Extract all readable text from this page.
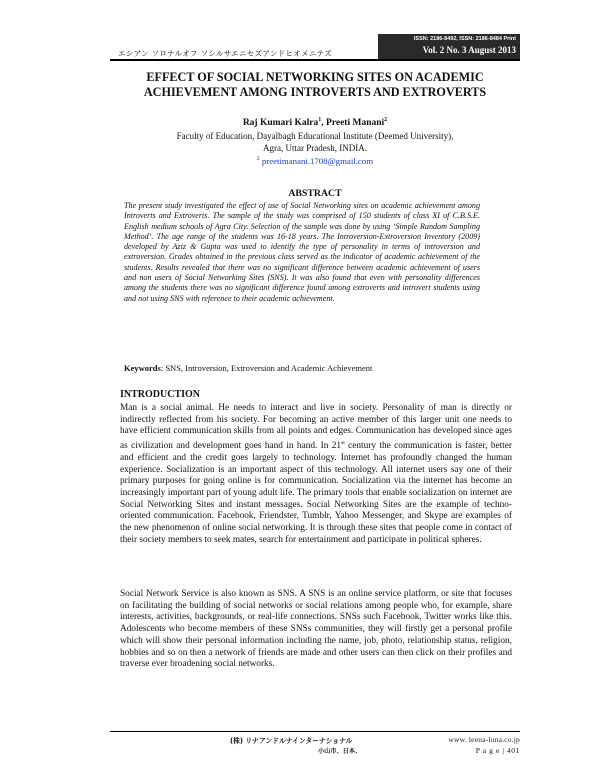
エシアン ソロナルオフ ソシルサエニセズアンドヒオメニテズ
ISSN: 2186-8492, ISSN: 2186-8484 Print
Vol. 2 No. 3 August 2013
EFFECT OF SOCIAL NETWORKING SITES ON ACADEMIC
ACHIEVEMENT AMONG INTROVERTS AND EXTROVERTS
Raj Kumari Kalra$^1$, Preeti Manani$^2$
Faculty of Education, Dayalbagh Educational Institute (Deemed University),
Agra, Uttar Pradesh, INDIA.
$^2$ preetimanani.1708@gmail.com
ABSTRACT
The present study investigated the effect of use of Social Networking sites on academic achievement among Introverts and Extroverts. The sample of the study was comprised of 150 students of class XI of C.B.S.E. English medium schools of Agra City. Selection of the sample was done by using ‘Simple Random Sampling Method’. The age range of the students was 16-18 years. The Introversion-Extroversion Inventory (2009) developed by Aziz & Gupta was used to identify the type of personality in terms of introversion and extroversion. Grades obtained in the previous class served as the indicator of academic achievement of the students. Results revealed that there was no significant difference between academic achievement of users and non users of Social Networking Sites (SNS). It was also found that even with personality differences among the students there was no significant difference found among extroverts and introvert students using and not using SNS with reference to their academic achievement.
Keywords: SNS, Introversion, Extroversion and Academic Achievement
INTRODUCTION
Man is a social animal. He needs to interact and live in society. Personality of man is directly or indirectly reflected from his society. For becoming an active member of this larger unit one needs to have efficient communication skills from all points and edges. Communication has developed since ages as civilization and development goes hand in hand. In 21st century the communication is faster, better and efficient and the credit goes largely to technology. Internet has profoundly changed the human experience. Socialization is an important aspect of this technology. All internet users say one of their primary purposes for going online is for communication. Socialization via the internet has become an increasingly important part of young adult life. The primary tools that enable socialization on internet are Social Networking Sites and instant messages. Social Networking Sites are the example of techno-oriented communication. Facebook, Friendster, Tumblr, Yahoo Messenger, and Skype are examples of the new phenomenon of online social networking. It is through these sites that people come in contact of their society members to seek mates, search for entertainment and participate in political spheres.
Social Network Service is also known as SNS. A SNS is an online service platform, or site that focuses on facilitating the building of social networks or social relations among people who, for example, share interests, activities, backgrounds, or real-life connections. SNSs such Facebook, Twitter works like this. Adolescents who become members of these SNSs communities, they will firstly get a personal profile which will show their personal information including the name, job, photo, relationship status, religion, hobbies and so on then a network of friends are made and other users can then click on their profiles and traverse ever broadening social networks.
(株) リナアンドルナインターナショナル
小山市、日本.
www. leena-luna.co.jp
P a g e | 401
